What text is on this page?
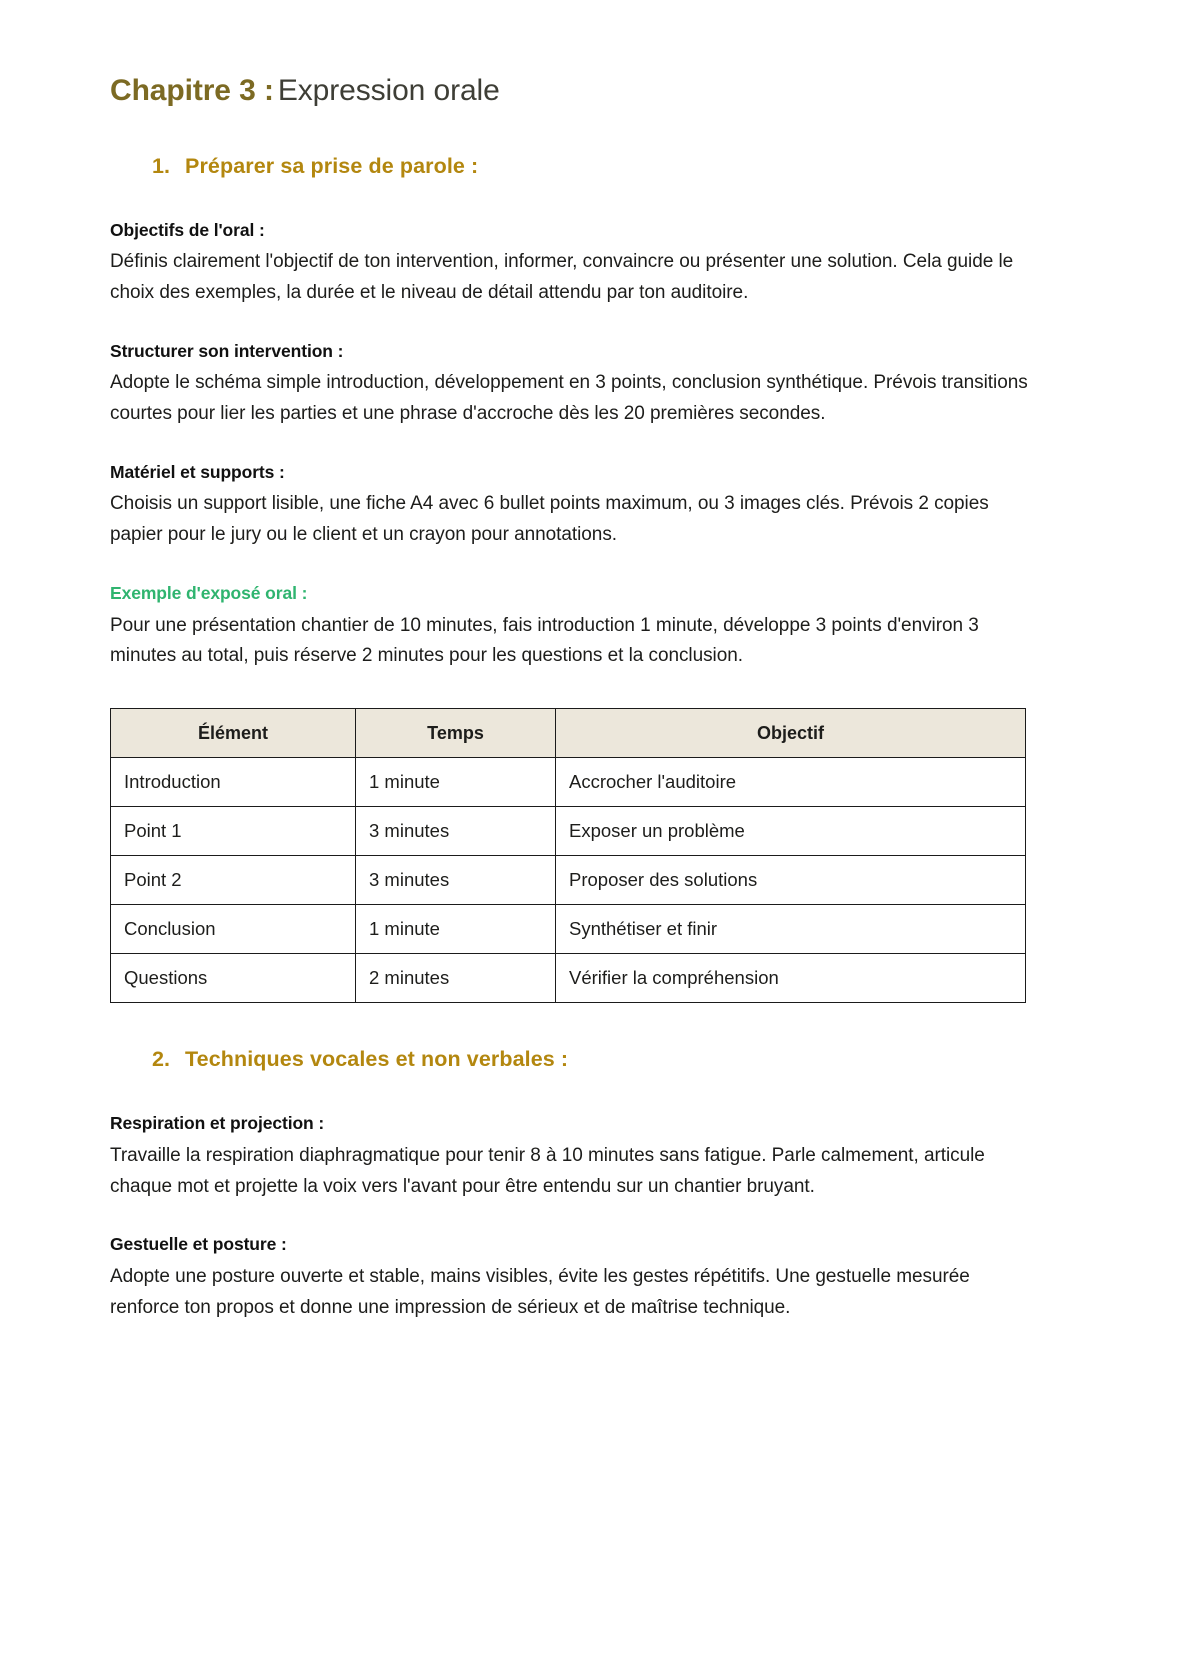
Chapitre 3 : Expression orale
1. Préparer sa prise de parole :
Objectifs de l'oral :

Définis clairement l'objectif de ton intervention, informer, convaincre ou présenter une solution. Cela guide le choix des exemples, la durée et le niveau de détail attendu par ton auditoire.

Structurer son intervention :

Adopte le schéma simple introduction, développement en 3 points, conclusion synthétique. Prévois transitions courtes pour lier les parties et une phrase d'accroche dès les 20 premières secondes.

Matériel et supports :

Choisis un support lisible, une fiche A4 avec 6 bullet points maximum, ou 3 images clés. Prévois 2 copies papier pour le jury ou le client et un crayon pour annotations.

Exemple d'exposé oral :

Pour une présentation chantier de 10 minutes, fais introduction 1 minute, développe 3 points d'environ 3 minutes au total, puis réserve 2 minutes pour les questions et la conclusion.

Élément	Temps	Objectif
Introduction	1 minute	Accrocher l'auditoire
Point 1	3 minutes	Exposer un problème
Point 2	3 minutes	Proposer des solutions
Conclusion	1 minute	Synthétiser et finir
Questions	2 minutes	Vérifier la compréhension
2. Techniques vocales et non verbales :
Respiration et projection :

Travaille la respiration diaphragmatique pour tenir 8 à 10 minutes sans fatigue. Parle calmement, articule chaque mot et projette la voix vers l'avant pour être entendu sur un chantier bruyant.

Gestuelle et posture :

Adopte une posture ouverte et stable, mains visibles, évite les gestes répétitifs. Une gestuelle mesurée renforce ton propos et donne une impression de sérieux et de maîtrise technique.
